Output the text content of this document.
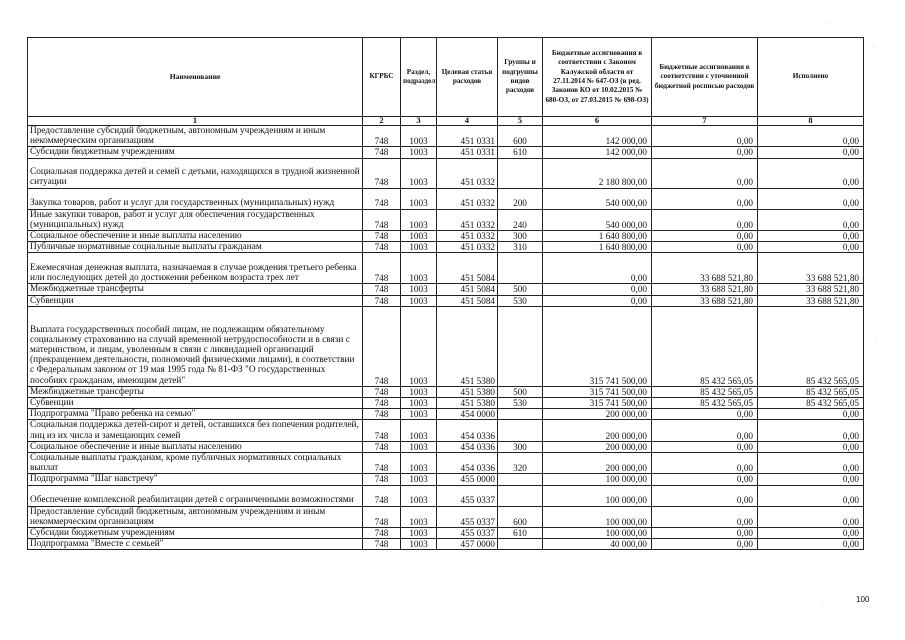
Наименование	КГРБС	Раздел, подраздел	Целевая статья расходов	Группы и подгруппы видов расходов	Бюджетные ассигнования в соответствии с Законом Калужской области от 27.11.2014 № 647-ОЗ (в ред. Законов КО от 10.02.2015 № 680-ОЗ, от 27.03.2015 № 698-ОЗ)	Бюджетные ассигнования в соответствии с уточненной бюджетной росписью расходов	Исполнено
1	2	3	4	5	6	7	8
Предоставление субсидий бюджетным, автономным учреждениям и иным некоммерческим организациям	748	1003	451 0331	600	142 000,00	0,00	0,00
Субсидии бюджетным учреждениям	748	1003	451 0331	610	142 000,00	0,00	0,00
Социальная поддержка детей и семей с детьми, находящихся в трудной жизненной ситуации	748	1003	451 0332		2 180 800,00	0,00	0,00
Закупка товаров, работ и услуг для государственных (муниципальных) нужд	748	1003	451 0332	200	540 000,00	0,00	0,00
Иные закупки товаров, работ и услуг для обеспечения государственных (муниципальных) нужд	748	1003	451 0332	240	540 000,00	0,00	0,00
Социальное обеспечение и иные выплаты населению	748	1003	451 0332	300	1 640 800,00	0,00	0,00
Публичные нормативные социальные выплаты гражданам	748	1003	451 0332	310	1 640 800,00	0,00	0,00
Ежемесячная денежная выплата, назначаемая в случае рождения третьего ребенка или последующих детей до достижения ребенком возраста трех лет	748	1003	451 5084		0,00	33 688 521,80	33 688 521,80
Межбюджетные трансферты	748	1003	451 5084	500	0,00	33 688 521,80	33 688 521,80
Субвенции	748	1003	451 5084	530	0,00	33 688 521,80	33 688 521,80
Выплата государственных пособий лицам, не подлежащим обязательному социальному страхованию на случай временной нетрудоспособности и в связи с материнством, и лицам, уволенным в связи с ликвидацией организаций (прекращением деятельности, полномочий физическими лицами), в соответствии с Федеральным законом от 19 мая 1995 года № 81-ФЗ "О государственных пособиях гражданам, имеющим детей"	748	1003	451 5380		315 741 500,00	85 432 565,05	85 432 565,05
Межбюджетные трансферты	748	1003	451 5380	500	315 741 500,00	85 432 565,05	85 432 565,05
Субвенции	748	1003	451 5380	530	315 741 500,00	85 432 565,05	85 432 565,05
Подпрограмма "Право ребенка на семью"	748	1003	454 0000		200 000,00	0,00	0,00
Социальная поддержка детей-сирот и детей, оставшихся без попечения родителей, лиц из их числа и замещающих семей	748	1003	454 0336		200 000,00	0,00	0,00
Социальное обеспечение и иные выплаты населению	748	1003	454 0336	300	200 000,00	0,00	0,00
Социальные выплаты гражданам, кроме публичных нормативных социальных выплат	748	1003	454 0336	320	200 000,00	0,00	0,00
Подпрограмма "Шаг навстречу"	748	1003	455 0000		100 000,00	0,00	0,00
Обеспечение комплексной реабилитации детей с ограниченными возможностями	748	1003	455 0337		100 000,00	0,00	0,00
Предоставление субсидий бюджетным, автономным учреждениям и иным некоммерческим организациям	748	1003	455 0337	600	100 000,00	0,00	0,00
Субсидии бюджетным учреждениям	748	1003	455 0337	610	100 000,00	0,00	0,00
Подпрограмма "Вместе с семьей"	748	1003	457 0000		40 000,00	0,00	0,00
100
ˌ
ˈ
ˈ
ˌ
